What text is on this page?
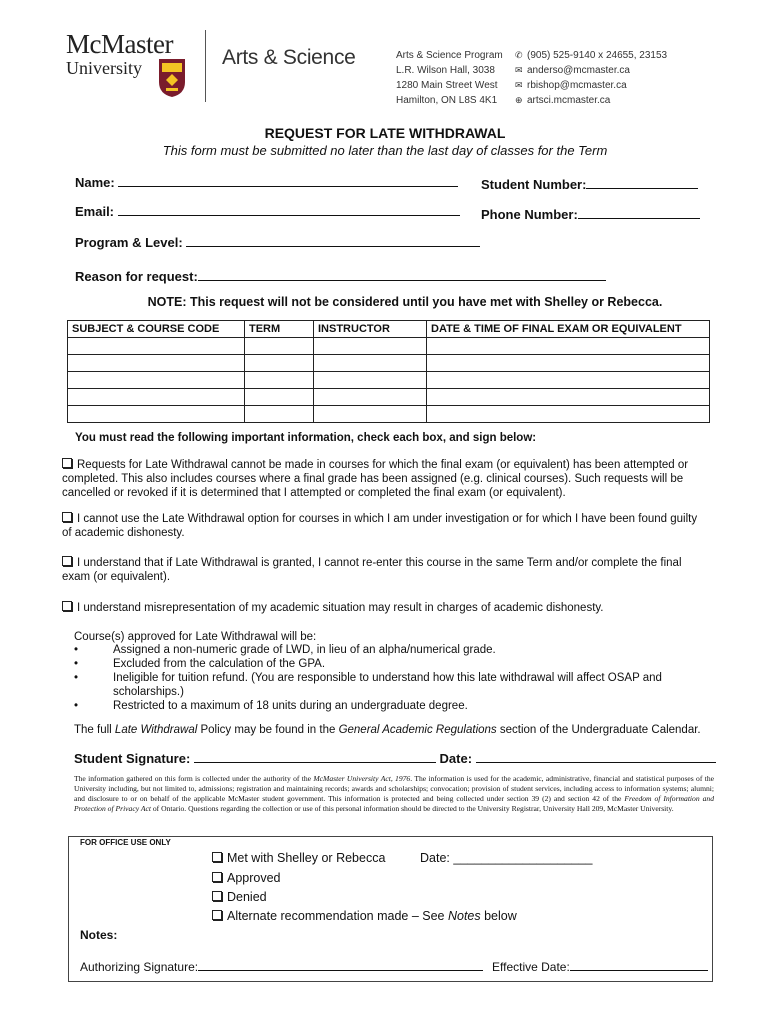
McMaster
University	Arts & Science	Arts & Science Program
L.R. Wilson Hall, 3038
1280 Main Street West
Hamilton, ON L8S 4K1
✆ (905) 525-9140 x 24655, 23153
✉ anderso@mcmaster.ca
✉ rbishop@mcmaster.ca
⊕ artsci.mcmaster.ca
REQUEST FOR LATE WITHDRAWAL
This form must be submitted no later than the last day of classes for the Term
Name:	Student Number:
Email:	Phone Number:
Program & Level:
Reason for request:
NOTE: This request will not be considered until you have met with Shelley or Rebecca.
SUBJECT & COURSE CODE	TERM	INSTRUCTOR	DATE & TIME OF FINAL EXAM OR EQUIVALENT

You must read the following important information, check each box, and sign below:
Requests for Late Withdrawal cannot be made in courses for which the final exam (or equivalent) has been attempted or completed. This also includes courses where a final grade has been assigned (e.g. clinical courses). Such requests will be cancelled or revoked if it is determined that I attempted or completed the final exam (or equivalent).
I cannot use the Late Withdrawal option for courses in which I am under investigation or for which I have been found guilty of academic dishonesty.
I understand that if Late Withdrawal is granted, I cannot re-enter this course in the same Term and/or complete the final exam (or equivalent).
I understand misrepresentation of my academic situation may result in charges of academic dishonesty.
Course(s) approved for Late Withdrawal will be:
•	Assigned a non-numeric grade of LWD, in lieu of an alpha/numerical grade.
•	Excluded from the calculation of the GPA.
•	Ineligible for tuition refund. (You are responsible to understand how this late withdrawal will affect OSAP and scholarships.)
•	Restricted to a maximum of 18 units during an undergraduate degree.
The full Late Withdrawal Policy may be found in the General Academic Regulations section of the Undergraduate Calendar.
Student Signature:	Date:
The information gathered on this form is collected under the authority of the McMaster University Act, 1976. The information is used for the academic, administrative, financial and statistical purposes of the University including, but not limited to, admissions; registration and maintaining records; awards and scholarships; convocation; provision of student services, including access to information systems; alumni; and disclosure to or on behalf of the applicable McMaster student government. This information is protected and being collected under section 39 (2) and section 42 of the Freedom of Information and Protection of Privacy Act of Ontario. Questions regarding the collection or use of this personal information should be directed to the University Registrar, University Hall 209, McMaster University.
FOR OFFICE USE ONLY
Met with Shelley or Rebecca	Date: ____________________
Approved
Denied
Alternate recommendation made – See Notes below
Notes:
Authorizing Signature:	Effective Date:
